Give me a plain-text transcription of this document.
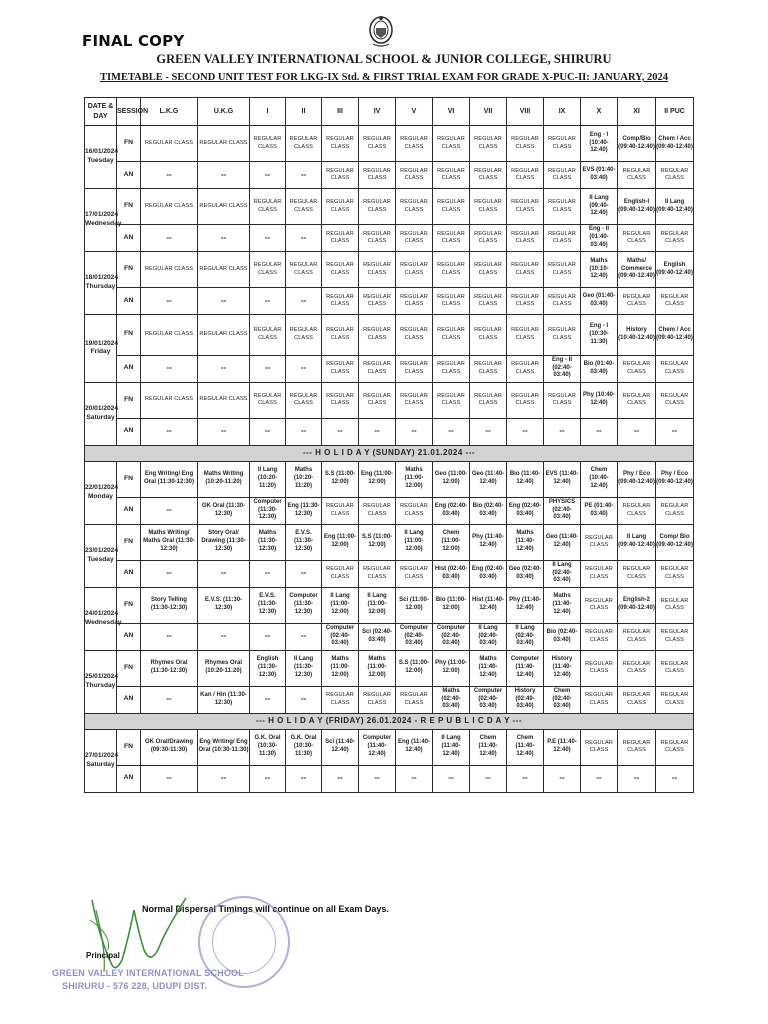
FINAL COPY
GREEN VALLEY INTERNATIONAL SCHOOL & JUNIOR COLLEGE, SHIRURU
TIMETABLE - SECOND UNIT TEST FOR LKG-IX Std. & FIRST TRIAL EXAM FOR GRADE X-PUC-II: JANUARY, 2024
DATE & DAY	SESSION	L.K.G	U.K.G	I	II	III	IV	V	VI	VII	VIII	IX	X	XI	II PUC	
16/01/2024 Tuesday	FN	REGULAR CLASS	REGULAR CLASS	REGULAR CLASS	REGULAR CLASS	REGULAR CLASS	REGULAR CLASS	REGULAR CLASS	REGULAR CLASS	REGULAR CLASS	REGULAR CLASS	REGULAR CLASS	Eng - I (10:40-12:40)	Comp/Bio (09:40-12:40)	Chem / Acc (09:40-12:40)	
	AN	--	--	--	--	REGULAR CLASS	REGULAR CLASS	REGULAR CLASS	REGULAR CLASS	REGULAR CLASS	REGULAR CLASS	REGULAR CLASS	EVS (01:40-03:40)	REGULAR CLASS	REGULAR CLASS	
17/01/2024 Wednesday	FN	REGULAR CLASS	REGULAR CLASS	REGULAR CLASS	REGULAR CLASS	REGULAR CLASS	REGULAR CLASS	REGULAR CLASS	REGULAR CLASS	REGULAR CLASS	REGULAR CLASS	REGULAR CLASS	II Lang (09:40-12:40)	English-I (09:40-12:40)	II Lang (09:40-12:40)	
	AN	--	--	--	--	REGULAR CLASS	REGULAR CLASS	REGULAR CLASS	REGULAR CLASS	REGULAR CLASS	REGULAR CLASS	REGULAR CLASS	Eng - II (01:40-03:40)	REGULAR CLASS	REGULAR CLASS	
18/01/2024 Thursday	FN	REGULAR CLASS	REGULAR CLASS	REGULAR CLASS	REGULAR CLASS	REGULAR CLASS	REGULAR CLASS	REGULAR CLASS	REGULAR CLASS	REGULAR CLASS	REGULAR CLASS	REGULAR CLASS	Maths (10:10-12:40)	Maths/ Commerce (09:40-12:40)	English (09:40-12:40)	
	AN	--	--	--	--	REGULAR CLASS	REGULAR CLASS	REGULAR CLASS	REGULAR CLASS	REGULAR CLASS	REGULAR CLASS	REGULAR CLASS	Geo (01:40-03:40)	REGULAR CLASS	REGULAR CLASS	
19/01/2024 Friday	FN	REGULAR CLASS	REGULAR CLASS	REGULAR CLASS	REGULAR CLASS	REGULAR CLASS	REGULAR CLASS	REGULAR CLASS	REGULAR CLASS	REGULAR CLASS	REGULAR CLASS	REGULAR CLASS	Eng - I (10:30-11:30)	History (10:40-12:40)	Chem / Acc (09:40-12:40)	
	AN	--	--	--	--	REGULAR CLASS	REGULAR CLASS	REGULAR CLASS	REGULAR CLASS	REGULAR CLASS	REGULAR CLASS	Eng - II (02:40-03:40)	Bio (01:40-03:40)	REGULAR CLASS	REGULAR CLASS	
20/01/2024 Saturday	FN	REGULAR CLASS	REGULAR CLASS	REGULAR CLASS	REGULAR CLASS	REGULAR CLASS	REGULAR CLASS	REGULAR CLASS	REGULAR CLASS	REGULAR CLASS	REGULAR CLASS	REGULAR CLASS	Phy (10:40-12:40)	REGULAR CLASS	REGULAR CLASS	
	AN	--	--	--	--	--	--	--	--	--	--	--	--	--	--	
--- H O L I D A Y (SUNDAY) 21.01.2024 ---																
22/01/2024 Monday	FN	Eng Writing/ Eng Oral (11:30-12:30)	Maths Writing (10:20-11:20)	II Lang (10:20-11:20)	Maths (10:20-11:20)	S.S (11:00-12:00)	Eng (11:00-12:00)	Maths (11:00-12:00)	Geo (11:00-12:00)	Geo (11:40-12:40)	Bio (11:40-12:40)	EVS (11:40-12:40)	Chem (10:40-12:40)	Phy / Eco (09:40-12:40)	Phy / Eco (09:40-12:40)	
	AN	--	GK Oral (11:30-12:30)	Computer (11:30-12:30)	Eng (11:30-12:30)	REGULAR CLASS	REGULAR CLASS	REGULAR CLASS	Eng (02:40-03:40)	Bio (02:40-03:40)	Eng (02:40-03:40)	PHYSICS (02:40-03:40)	PE (01:40-03:40)	REGULAR CLASS	REGULAR CLASS	
23/01/2024 Tuesday	FN	Maths Writing/ Maths Oral (11:30-12:30)	Story Oral/ Drawing (11:30-12:30)	Maths (11:30-12:30)	E.V.S. (11:30-12:30)	Eng (11:00-12:00)	S.S (11:00-12:00)	II Lang (11:00-12:00)	Chem (11:00-12:00)	Phy (11:40-12:40)	Maths (11:40-12:40)	Geo (11:40-12:40)	REGULAR CLASS	II Lang (09:40-12:40)	Comp/ Bio (09:40-12:40)	
	AN	--	--	--	--	REGULAR CLASS	REGULAR CLASS	REGULAR CLASS	Hist (02:40-03:40)	Eng (02:40-03:40)	Geo (02:40-03:40)	II Lang (02:40-03:40)	REGULAR CLASS	REGULAR CLASS	REGULAR CLASS	
24/01/2024 Wednesday	FN	Story Telling (11:30-12:30)	E.V.S. (11:30-12:30)	E.V.S. (11:30-12:30)	Computer (11:30-12:30)	II Lang (11:00-12:00)	II Lang (11:00-12:00)	Sci (11:00-12:00)	Bio (11:00-12:00)	Hist (11:40-12:40)	Phy (11:40-12:40)	Maths (11:40-12:40)	REGULAR CLASS	English-2 (09:40-12:40)	REGULAR CLASS	
	AN	--	--	--	--	Computer (02:40-03:40)	Sci (02:40-03:40)	Computer (02:40-03:40)	Computer (02:40-03:40)	II Lang (02:40-03:40)	II Lang (02:40-03:40)	Bio (02:40-03:40)	REGULAR CLASS	REGULAR CLASS	REGULAR CLASS	
25/01/2024 Thursday	FN	Rhymes Oral (11:30-12:30)	Rhymes Oral (10:20-11:20)	English (11:30-12:30)	II Lang (11:30-12:30)	Maths (11:00-12:00)	Maths (11:00-12:00)	S.S (11:00-12:00)	Phy (11:00-12:00)	Maths (11:40-12:40)	Computer (11:40-12:40)	History (11:40-12:40)	REGULAR CLASS	REGULAR CLASS	REGULAR CLASS	
	AN	--	Kan / Hin (11:30-12:30)	--	--	REGULAR CLASS	REGULAR CLASS	REGULAR CLASS	Maths (02:40-03:40)	Computer (02:40-03:40)	History (02:40-03:40)	Chem (02:40-03:40)	REGULAR CLASS	REGULAR CLASS	REGULAR CLASS	
--- H O L I D A Y (FRIDAY) 26.01.2024 - R E P U B L I C D A Y ---																
27/01/2024 Saturday	FN	GK Oral/Drawing (09:30-11:30)	Eng Writing/ Eng Oral (10:30-11:30)	G.K. Oral (10:30-11:30)	G.K. Oral (10:30-11:30)	Sci (11:40-12:40)	Computer (11:40-12:40)	Eng (11:40-12:40)	II Lang (11:40-12:40)	Chem (11:40-12:40)	Chem (11:40-12:40)	P.E (11:40-12:40)	REGULAR CLASS	REGULAR CLASS	REGULAR CLASS	
	AN	--	--	--	--	--	--	--	--	--	--	--	--	--	--	
Normal Dispersal Timings will continue on all Exam Days.
Principal
GREEN VALLEY INTERNATIONAL SCHOOL
SHIRURU - 576 228, UDUPI DIST.
